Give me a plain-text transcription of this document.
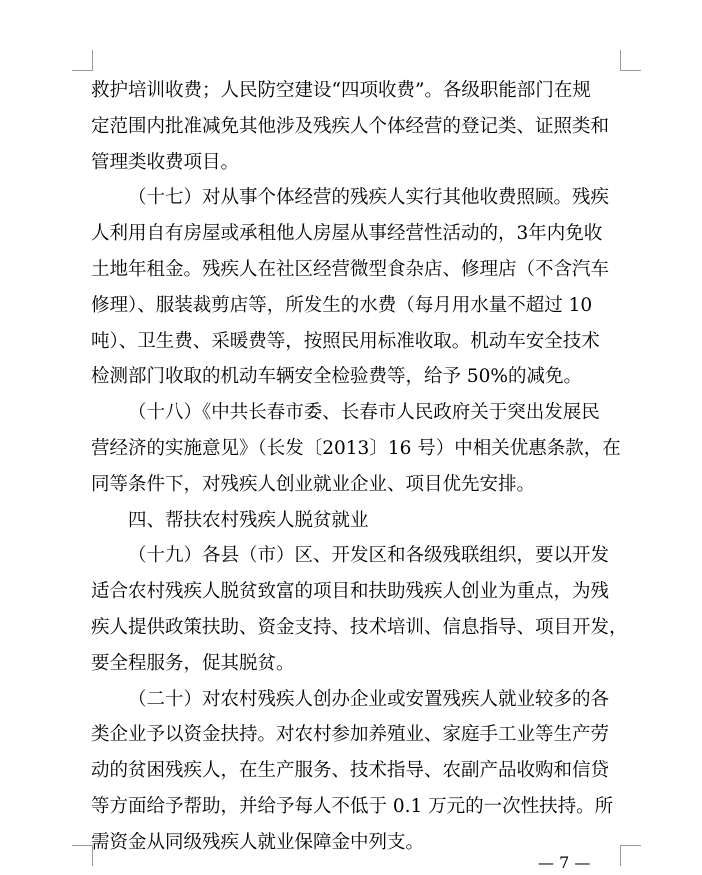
救护培训收费；人民防空建设“四项收费”。各级职能部门在规
定范围内批准减免其他涉及残疾人个体经营的登记类、证照类和
管理类收费项目。
（十七）对从事个体经营的残疾人实行其他收费照顾。残疾
人利用自有房屋或承租他人房屋从事经营性活动的，3年内免收
土地年租金。残疾人在社区经营微型食杂店、修理店（不含汽车
修理）、服装裁剪店等，所发生的水费（每月用水量不超过 10
吨）、卫生费、采暖费等，按照民用标准收取。机动车安全技术
检测部门收取的机动车辆安全检验费等，给予 50%的减免。
（十八）《中共长春市委、长春市人民政府关于突出发展民
营经济的实施意见》（长发〔2013〕16 号）中相关优惠条款，在
同等条件下，对残疾人创业就业企业、项目优先安排。
四、帮扶农村残疾人脱贫就业
（十九）各县（市）区、开发区和各级残联组织，要以开发
适合农村残疾人脱贫致富的项目和扶助残疾人创业为重点，为残
疾人提供政策扶助、资金支持、技术培训、信息指导、项目开发，
要全程服务，促其脱贫。
（二十）对农村残疾人创办企业或安置残疾人就业较多的各
类企业予以资金扶持。对农村参加养殖业、家庭手工业等生产劳
动的贫困残疾人，在生产服务、技术指导、农副产品收购和信贷
等方面给予帮助，并给予每人不低于 0.1 万元的一次性扶持。所
需资金从同级残疾人就业保障金中列支。
— 7 —
